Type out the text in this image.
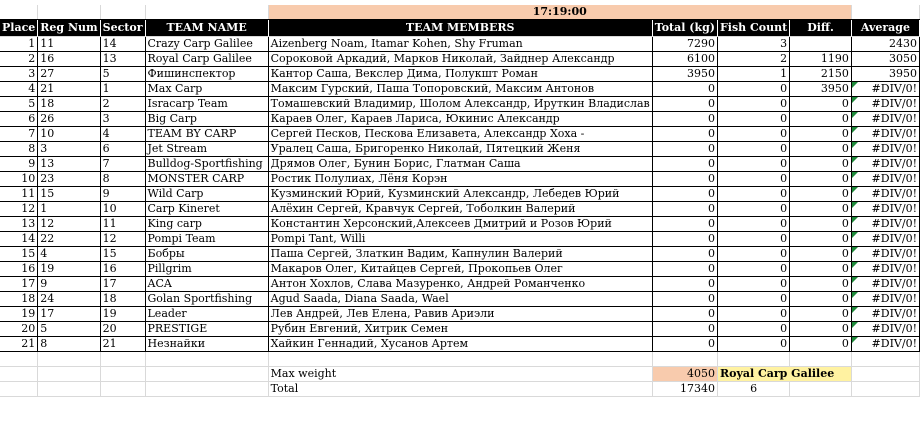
				17:19:00				
Place	Reg Num	Sector	TEAM NAME	TEAM MEMBERS	Total (kg)	Fish Count	Diff.	Average
1	11	14	Crazy Carp Galilee	Aizenberg Noam, Itamar Kohen, Shy Fruman	7290	3		2430
2	16	13	Royal Carp Galilee	Сороковой Аркадий, Марков Николай, Зайднер Александр	6100	2	1190	3050
3	27	5	Фишинспектор	Кантор Саша, Векслер Дима, Полукшт Роман	3950	1	2150	3950
4	21	1	Max Carp	Максим Гурский, Паша Топоровский, Максим Антонов	0	0	3950	#DIV/0!
5	18	2	Isracarp Team	Томашевский Владимир, Шолом Александр, Ируткин Владислав	0	0	0	#DIV/0!
6	26	3	Big Carp	Караев Олег, Караев Лариса, Юкинис Александр	0	0	0	#DIV/0!
7	10	4	TEAM BY CARP	Сергей Песков, Пескова Елизавета, Александр Хоха -	0	0	0	#DIV/0!
8	3	6	Jet Stream	Уралец Саша, Бригоренко Николай, Пятецкий Женя	0	0	0	#DIV/0!
9	13	7	Bulldog-Sportfishing	Дрямов Олег, Бунин Борис, Глатман Саша	0	0	0	#DIV/0!
10	23	8	MONSTER CARP	Ростик Полулиах, Лёня Корэн	0	0	0	#DIV/0!
11	15	9	Wild Carp	Кузминский Юрий, Кузминский Александр, Лебедев Юрий	0	0	0	#DIV/0!
12	1	10	Carp Kineret	Алёхин Сергей, Кравчук Сергей, Тоболкин Валерий	0	0	0	#DIV/0!
13	12	11	King carp	Константин Херсонский,Алексеев Дмитрий и Розов Юрий	0	0	0	#DIV/0!
14	22	12	Pompi Team	Pompi Tant, Willi	0	0	0	#DIV/0!
15	4	15	Бобры	Паша Сергей, Златкин Вадим, Капнулин Валерий	0	0	0	#DIV/0!
16	19	16	Pillgrim	Макаров Олег, Китайцев Сергей, Прокопьев Олег	0	0	0	#DIV/0!
17	9	17	ACA	Антон Хохлов, Слава Мазуренко, Андрей Романченко	0	0	0	#DIV/0!
18	24	18	Golan Sportfishing	Agud Saada, Diana Saada, Wael	0	0	0	#DIV/0!
19	17	19	Leader	Лев Андрей, Лев Елена, Равив Ариэли	0	0	0	#DIV/0!
20	5	20	PRESTIGE	Рубин Евгений, Хитрик Семен	0	0	0	#DIV/0!
21	8	21	Незнайки	Хайкин Геннадий, Хусанов Артем	0	0	0	#DIV/0!

				Max weight	4050	Royal Carp Galilee		
				Total	17340	6		
